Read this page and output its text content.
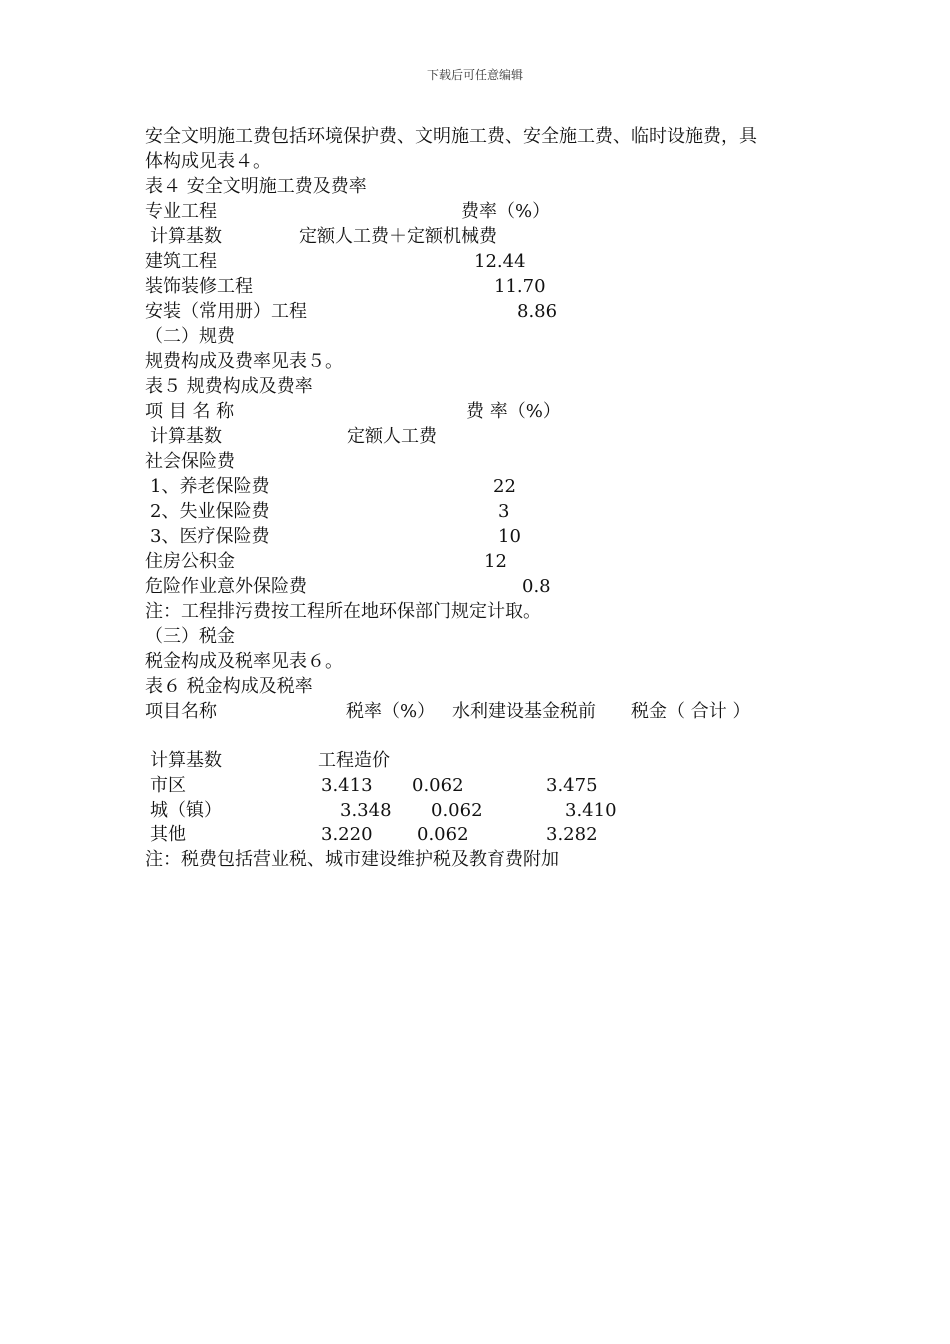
下载后可任意编辑
安全文明施工费包括环境保护费、文明施工费、安全施工费、临时设施费，具
体构成见表４。
表４ 安全文明施工费及费率
专业工程	费率（%）
计算基数	定额人工费＋定额机械费
建筑工程	12.44
装饰装修工程	11.70
安装（常用册）工程	8.86
（二）规费
规费构成及费率见表５。
表５ 规费构成及费率
项 目 名 称	费 率（%）
计算基数	定额人工费
社会保险费
1、养老保险费	22
2、失业保险费	3
3、医疗保险费	10
住房公积金	12
危险作业意外保险费	0.8
注：工程排污费按工程所在地环保部门规定计取。
（三）税金
税金构成及税率见表６。
表６ 税金构成及税率
项目名称	税率（%） 水利建设基金税前 税金（ 合计 ）
计算基数	工程造价
市区	3.413 0.062	3.475
城（镇）	3.348 0.062	3.410
其他	3.220 0.062	3.282
注：税费包括营业税、城市建设维护税及教育费附加
